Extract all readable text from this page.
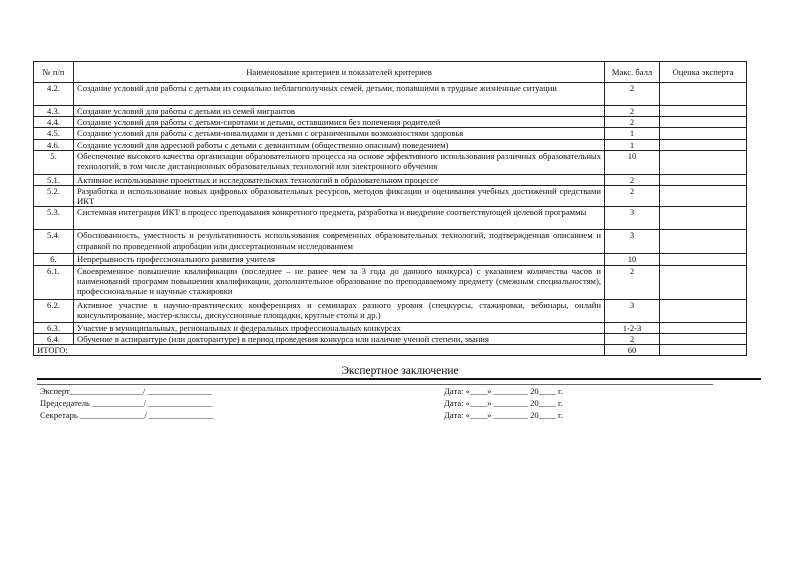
№ п/п	Наименование критериев и показателей критериев	Макс. балл	Оценка эксперта
4.2.	Создание условий для работы с детьми из социально неблагополучных семей, детьми, попавшими в трудные жизненные ситуации	2	
4.3.	Создание условий для работы с детьми из семей мигрантов	2	
4.4.	Создание условий для работы с детьми-сиротами и детьми, оставшимися без попечения родителей	2	
4.5.	Создание условий для работы с детьми-инвалидами и детьми с ограниченными возможностями здоровья	1	
4.6.	Создание условий для адресной работы с детьми с девиантным (общественно опасным) поведением)	1	
5.	Обеспечение высокого качества организации образовательного процесса на основе эффективного использования различных образовательных технологий, в том числе дистанционных образовательных технологий или электронного обучения	10	
5.1.	Активное использование проектных и исследовательских технологий в образовательном процессе	2	
5.2.	Разработка и использование новых цифровых образовательных ресурсов, методов фиксации и оценивания учебных достижений средствами ИКТ	2	
5.3.	Системная интеграция ИКТ в процесс преподавания конкретного предмета, разработка и внедрение соответствующей целевой программы	3	
5.4.	Обоснованность, уместность и результативность использования современных образовательных технологий, подтвержденная описанием и справкой по проведенной апробации или диссертационным исследованием	3	
6.	Непрерывность профессионального развития учителя	10	
6.1.	Своевременное повышение квалификации (последнее – не ранее чем за 3 года до данного конкурса) с указанием количества часов и наименований программ повышения квалификации, дополнительное образование по преподаваемому предмету (смежным специальностям), профессиональные и научные стажировки	2	
6.2.	Активное участие в научно-практических конференциях и семинарах разного уровня (спецкурсы, стажировки, вебинары, онлайн консультирование, мастер-классы, дискуссионные площадки, круглые столы и др.)	3	
6.3.	Участие в муниципальных, региональных и федеральных профессиональных конкурсах	1-2-3	
6.4.	Обучение в аспирантуре (или докторантуре) в период проведения конкурса или наличие ученой степени, звания	2	
ИТОГО:		60	
Экспертное заключение
Эксперт_________________/ _______________
Председатель ____________/ _______________
Секретарь _______________/ _______________
Дата: «____» ________ 20____ г.
Дата: «____» ________ 20____ г.
Дата: «____» ________ 20____ г.
